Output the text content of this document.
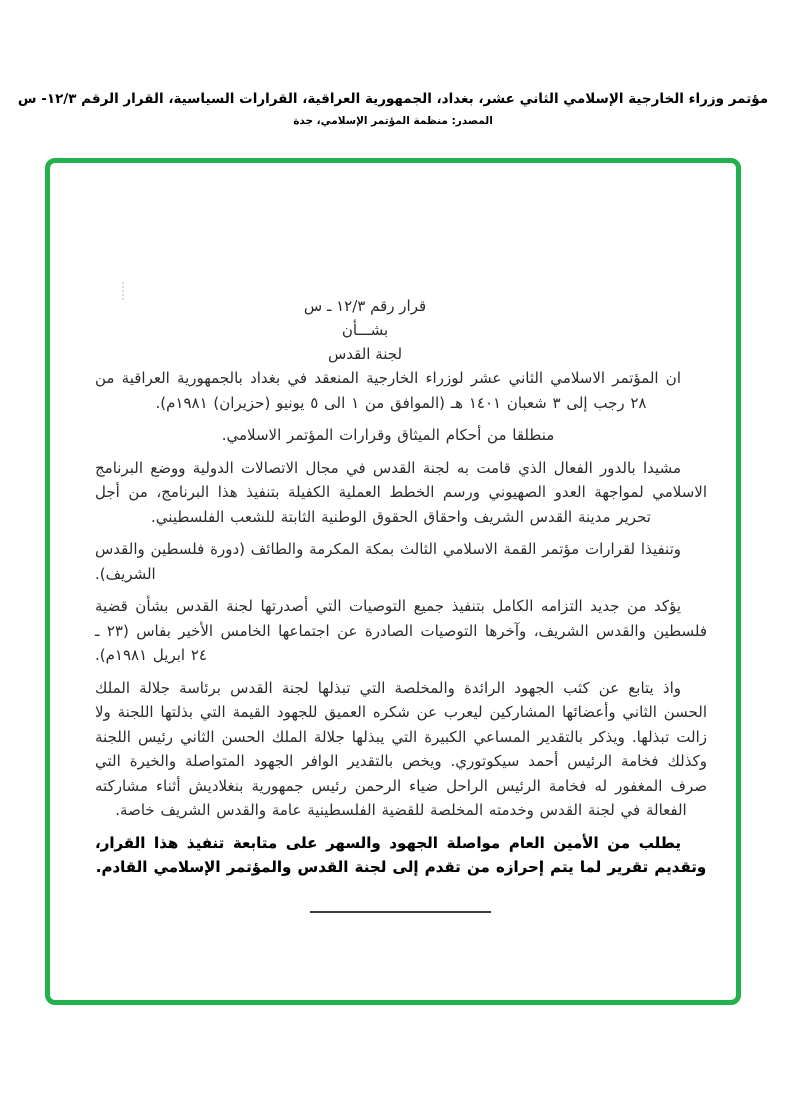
مؤتمر وزراء الخارجية الإسلامي الثاني عشر، بغداد، الجمهورية العراقية، القرارات السياسية، القرار الرقم ١٢/٣- س
المصدر: منظمة المؤتمر الإسلامي، جدة
قرار رقم ١٢/٣ ـ س
بشـــأن
لجنة القدس

ان المؤتمر الاسلامي الثاني عشر لوزراء الخارجية المنعقد في بغداد بالجمهورية العراقية من ٢٨ رجب إلى ٣ شعبان ١٤٠١ هـ (الموافق من ١ الى ٥ يونيو (حزيران) ١٩٨١م).

منطلقا من أحكام الميثاق وقرارات المؤتمر الاسلامي.

مشيدا بالدور الفعال الذي قامت به لجنة القدس في مجال الاتصالات الدولية ووضع البرنامج الاسلامي لمواجهة العدو الصهيوني ورسم الخطط العملية الكفيلة بتنفيذ هذا البرنامج، من أجل تحرير مدينة القدس الشريف واحقاق الحقوق الوطنية الثابتة للشعب الفلسطيني.

وتنفيذا لقرارات مؤتمر القمة الاسلامي الثالث بمكة المكرمة والطائف (دورة فلسطين والقدس الشريف).

يؤكد من جديد التزامه الكامل بتنفيذ جميع التوصيات التي أصدرتها لجنة القدس بشأن قضية فلسطين والقدس الشريف، وآخرها التوصيات الصادرة عن اجتماعها الخامس الأخير بفاس (٢٣ ـ ٢٤ ابريل ١٩٨١م).

واذ يتابع عن كثب الجهود الرائدة والمخلصة التي تبذلها لجنة القدس برئاسة جلالة الملك الحسن الثاني وأعضائها المشاركين ليعرب عن شكره العميق للجهود القيمة التي بذلتها اللجنة ولا زالت تبذلها. ويذكر بالتقدير المساعي الكبيرة التي يبذلها جلالة الملك الحسن الثاني رئيس اللجنة وكذلك فخامة الرئيس أحمد سيكوتوري. ويخص بالتقدير الوافر الجهود المتواصلة والخيرة التي صرف المغفور له فخامة الرئيس الراحل ضياء الرحمن رئيس جمهورية بنغلاديش أثناء مشاركته الفعالة في لجنة القدس وخدمته المخلصة للقضية الفلسطينية عامة والقدس الشريف خاصة.

يطلب من الأمين العام مواصلة الجهود والسهر على متابعة تنفيذ هذا القرار، وتقديم تقرير لما يتم إحرازه من تقدم إلى لجنة القدس والمؤتمر الإسلامي القادم.
